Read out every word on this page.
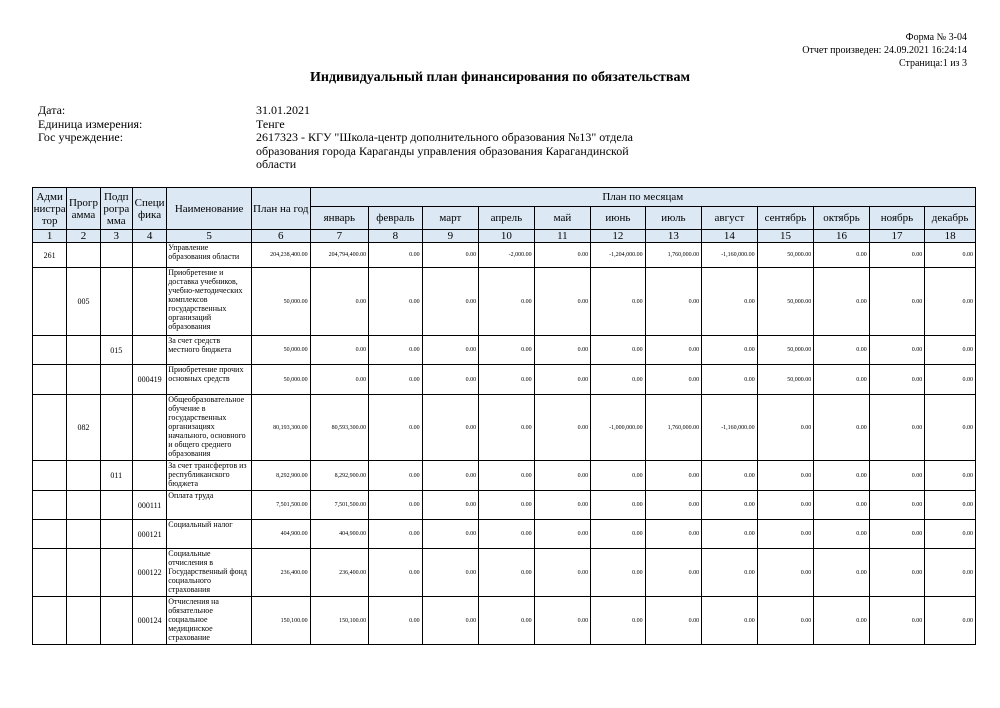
Форма № 3-04
Отчет произведен: 24.09.2021 16:24:14
Страница:1 из 3
Индивидуальный план финансирования по обязательствам
Дата:	31.01.2021
Единица измерения:	Тенге
Гос учреждение:	2617323 - КГУ "Школа-центр дополнительного образования №13" отдела образования города Караганды управления образования Карагандинской области
Адми нистра тор	Прогр амма	Подп рогра мма	Специ фика	Наименование	План на год	План по месяцам											
						январь	февраль	март	апрель	май	июнь	июль	август	сентябрь	октябрь	ноябрь	декабрь
1	2	3	4	5	6	7	8	9	10	11	12	13	14	15	16	17	18
261				Управление образования области	204,238,400.00	204,794,400.00	0.00	0.00	-2,000.00	0.00	-1,204,000.00	1,760,000.00	-1,160,000.00	50,000.00	0.00	0.00	0.00
	005			Приобретение и доставка учебников, учебно-методических комплексов государственных организаций образования	50,000.00	0.00	0.00	0.00	0.00	0.00	0.00	0.00	0.00	50,000.00	0.00	0.00	0.00
		015		За счет средств местного бюджета	50,000.00	0.00	0.00	0.00	0.00	0.00	0.00	0.00	0.00	50,000.00	0.00	0.00	0.00
			000419	Приобретение прочих основных средств	50,000.00	0.00	0.00	0.00	0.00	0.00	0.00	0.00	0.00	50,000.00	0.00	0.00	0.00
	082			Общеобразовательное обучение в государственных организациях начального, основного и общего среднего образования	80,193,300.00	80,593,300.00	0.00	0.00	0.00	0.00	-1,000,000.00	1,760,000.00	-1,160,000.00	0.00	0.00	0.00	0.00
		011		За счет трансфертов из республиканского бюджета	8,292,900.00	8,292,900.00	0.00	0.00	0.00	0.00	0.00	0.00	0.00	0.00	0.00	0.00	0.00
			000111	Оплата труда	7,501,500.00	7,501,500.00	0.00	0.00	0.00	0.00	0.00	0.00	0.00	0.00	0.00	0.00	0.00
			000121	Социальный налог	404,900.00	404,900.00	0.00	0.00	0.00	0.00	0.00	0.00	0.00	0.00	0.00	0.00	0.00
			000122	Социальные отчисления в Государственный фонд социального страхования	236,400.00	236,400.00	0.00	0.00	0.00	0.00	0.00	0.00	0.00	0.00	0.00	0.00	0.00
			000124	Отчисления на обязательное социальное медицинское страхование	150,100.00	150,100.00	0.00	0.00	0.00	0.00	0.00	0.00	0.00	0.00	0.00	0.00	0.00
